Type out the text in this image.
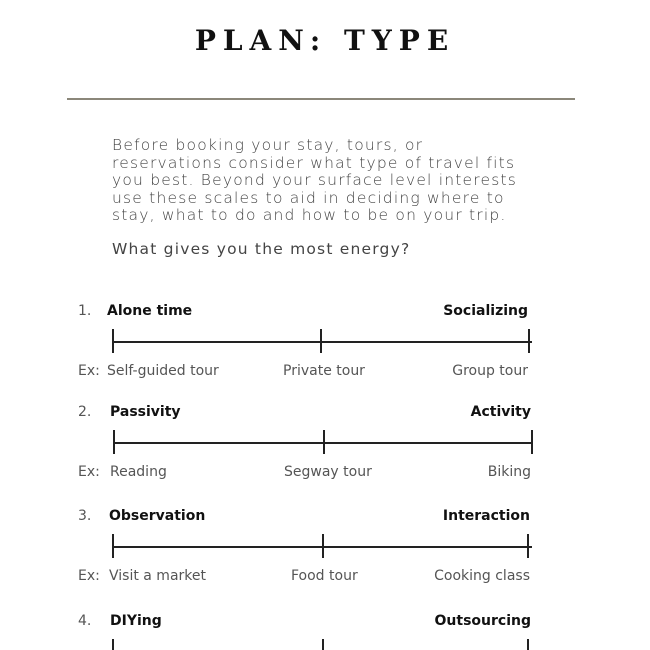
PLAN: TYPE
Before booking your stay, tours, or reservations consider what type of travel fits you best. Beyond your surface level interests use these scales to aid in deciding where to stay, what to do and how to be on your trip.
What gives you the most energy?
1. Alone time	Socializing
Ex: Self-guided tour	Private tour	Group tour
2. Passivity	Activity
Ex: Reading	Segway tour	Biking
3. Observation	Interaction
Ex: Visit a market	Food tour	Cooking class
4. DIYing	Outsourcing
